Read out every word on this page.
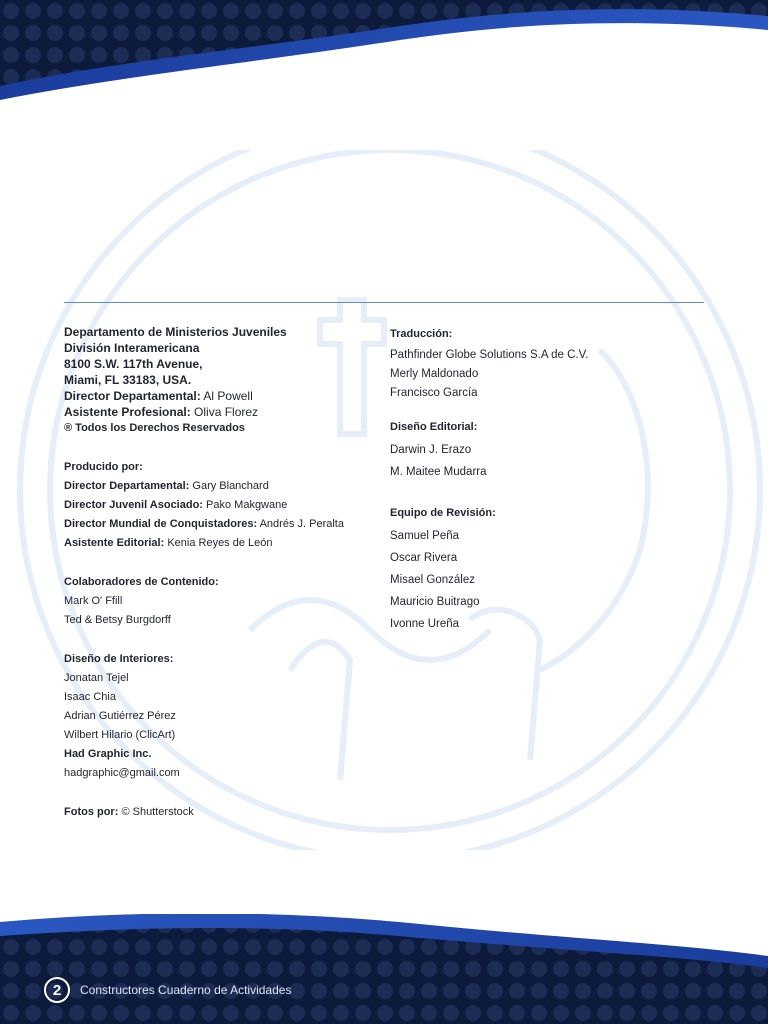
Departamento de Ministerios Juveniles
División Interamericana
8100 S.W. 117th Avenue,
Miami, FL 33183, USA.
Director Departamental: Al Powell
Asistente Profesional: Oliva Florez
® Todos los Derechos Reservados
Producido por:
Director Departamental: Gary Blanchard
Director Juvenil Asociado: Pako Makgwane
Director Mundial de Conquistadores: Andrés J. Peralta
Asistente Editorial: Kenia Reyes de León
Colaboradores de Contenido:
Mark O' Ffill
Ted & Betsy Burgdorff
Diseño de Interiores:
Jonatan Tejel
Isaac Chia
Adrian Gutiérrez Pérez
Wilbert Hilario (ClicArt)
Had Graphic Inc.
hadgraphic@gmail.com
Fotos por: © Shutterstock
Traducción:
Pathfinder Globe Solutions S.A de C.V.
Merly Maldonado
Francisco García
Diseño Editorial:
Darwin J. Erazo
M. Maitee Mudarra
Equipo de Revisión:
Samuel Peña
Oscar Rivera
Misael González
Mauricio Buitrago
Ivonne Ureña
2	Constructores Cuaderno de Actividades
